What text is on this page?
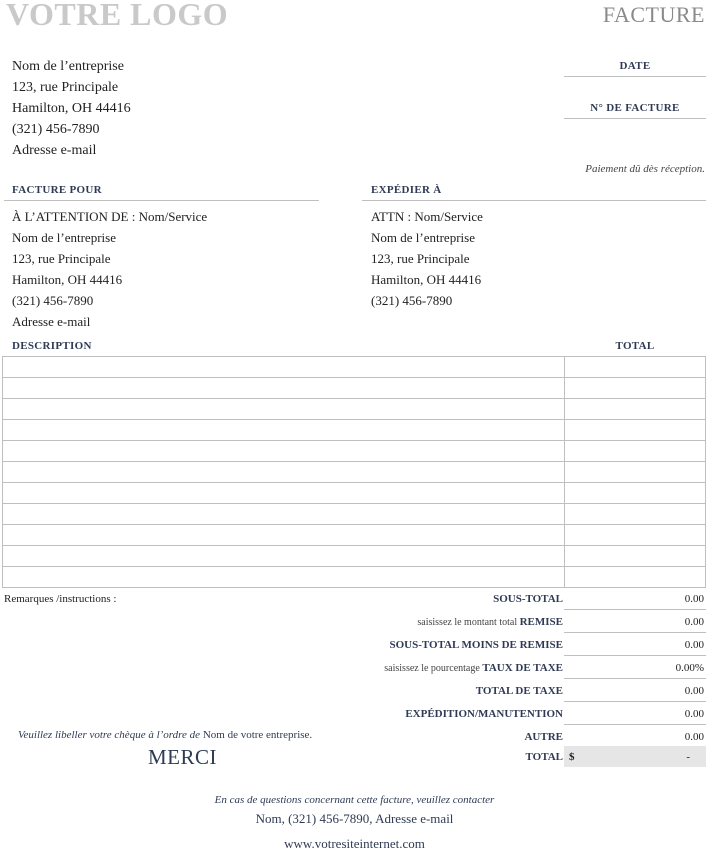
VOTRE LOGO	FACTURE
Nom de l’entreprise
123, rue Principale
Hamilton, OH 44416
(321) 456-7890
Adresse e-mail
DATE
N° DE FACTURE
Paiement dû dès réception.
FACTURE POUR
À L’ATTENTION DE : Nom/Service
Nom de l’entreprise
123, rue Principale
Hamilton, OH 44416
(321) 456-7890
Adresse e-mail
EXPÉDIER À
ATTN : Nom/Service
Nom de l’entreprise
123, rue Principale
Hamilton, OH 44416
(321) 456-7890
DESCRIPTION	TOTAL

Remarques /instructions :	SOUS-TOTAL	0.00
saisissez le montant total REMISE	0.00
SOUS-TOTAL MOINS DE REMISE	0.00
saisissez le pourcentage TAUX DE TAXE	0.00%
TOTAL DE TAXE	0.00
EXPÉDITION/MANUTENTION	0.00
AUTRE	0.00
TOTAL $	-
Veuillez libeller votre chèque à l’ordre de Nom de votre entreprise.
MERCI
En cas de questions concernant cette facture, veuillez contacter
Nom, (321) 456-7890, Adresse e-mail
www.votresiteinternet.com
